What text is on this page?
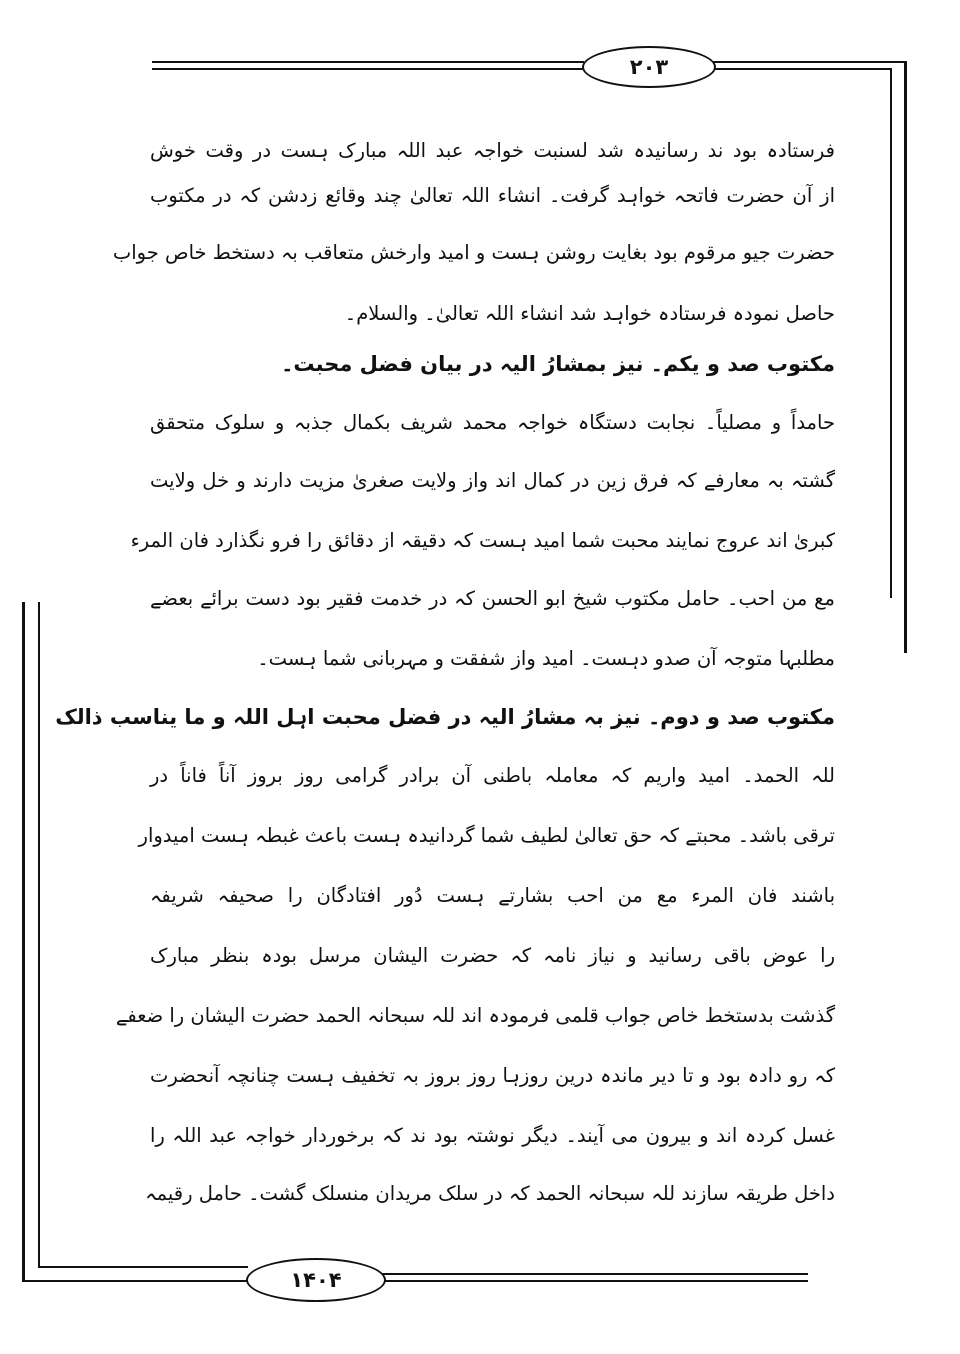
۲۰۳
۱۴۰۴
فرستادہ بود ند رسانیدہ شد لسنبت خواجہ عبد اللہ مبارک ہست در وقت خوش
از آن حضرت فاتحہ خواہد گرفت۔ انشاء اللہ تعالیٰ چند وقائع زدشن کہ در مکتوب
حضرت جیو مرقوم بود بغایت روشن ہست و امید وارخش متعاقب بہ دستخط خاص جواب
حاصل نمودہ فرستادہ خواہد شد انشاء اللہ تعالیٰ۔ والسلام۔
مکتوب صد و یکم۔ نیز بمشارُ الیہ در بیان فضل محبت۔
حامداً و مصلیاً۔ نجابت دستگاہ خواجہ محمد شریف بکمال جذبہ و سلوک متحقق
گشتہ بہ معارفے کہ فرق زین در کمال اند واز ولایت صغریٰ مزیت دارند و خل ولایت
کبریٰ اند عروج نمایند محبت شما امید ہست کہ دقیقہ از دقائق را فرو نگذارد فان المرء
مع من احب۔ حامل مکتوب شیخ ابو الحسن کہ در خدمت فقیر بود دست برائے بعضے
مطلبہا متوجہ آن صدو دہست۔ امید واز شفقت و مہربانی شما ہست۔
مکتوب صد و دوم۔ نیز بہ مشارُ الیہ در فضل محبت اہل اللہ و ما یناسب ذالک
للہ الحمد۔ امید واریم کہ معاملہ باطنی آن برادر گرامی روز بروز آناً فاناً در
ترقی باشد۔ محبتے کہ حق تعالیٰ لطیف شما گردانیدہ ہست باعث غبطہ ہست امیدوار
باشند فان المرء مع من احب بشارتے ہست دُور افتادگان را صحیفہ شریفہ
را عوض باقی رسانید و نیاز نامہ کہ حضرت الیشان مرسل بودہ بنظر مبارک
گذشت بدستخط خاص جواب قلمی فرمودہ اند للہ سبحانہ الحمد حضرت الیشان را ضعفے
کہ رو دادہ بود و تا دیر ماندہ درین روزہا روز بروز بہ تخفیف ہست چنانچہ آنحضرت
غسل کردہ اند و بیرون می آیند۔ دیگر نوشتہ بود ند کہ برخوردار خواجہ عبد اللہ را
داخل طریقہ سازند للہ سبحانہ الحمد کہ در سلک مریدان منسلک گشت۔ حامل رقیمہ
